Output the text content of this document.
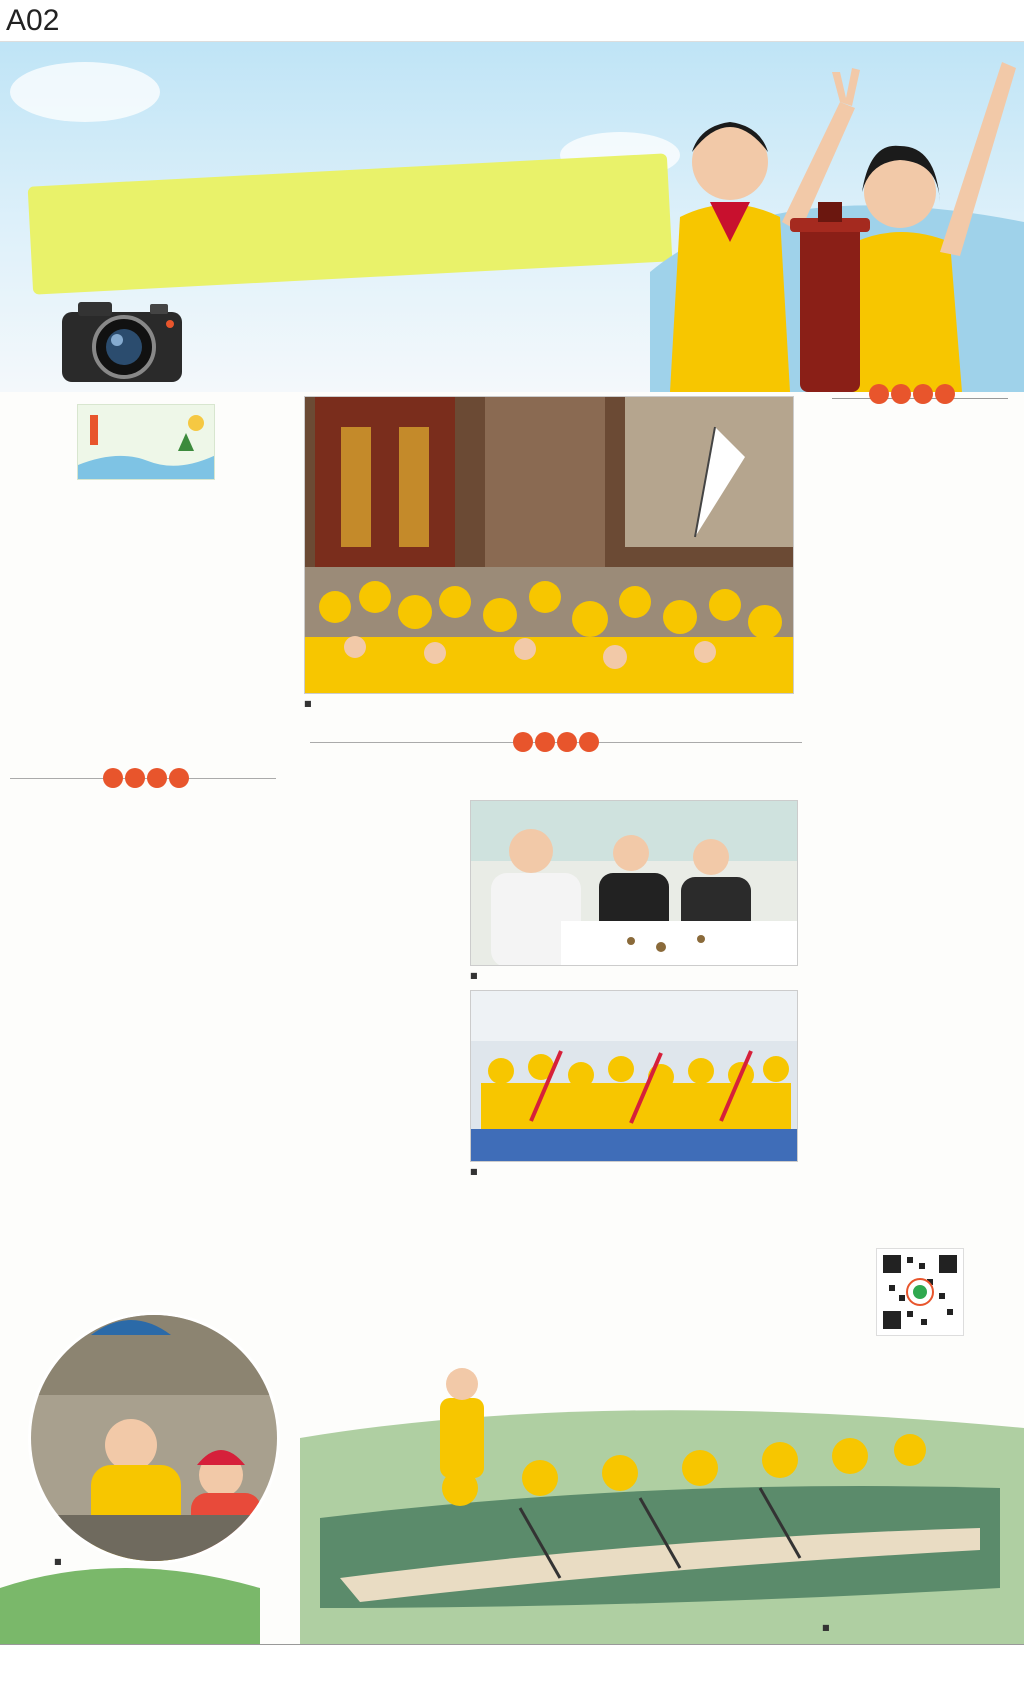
A02

■

■

■
■

■
